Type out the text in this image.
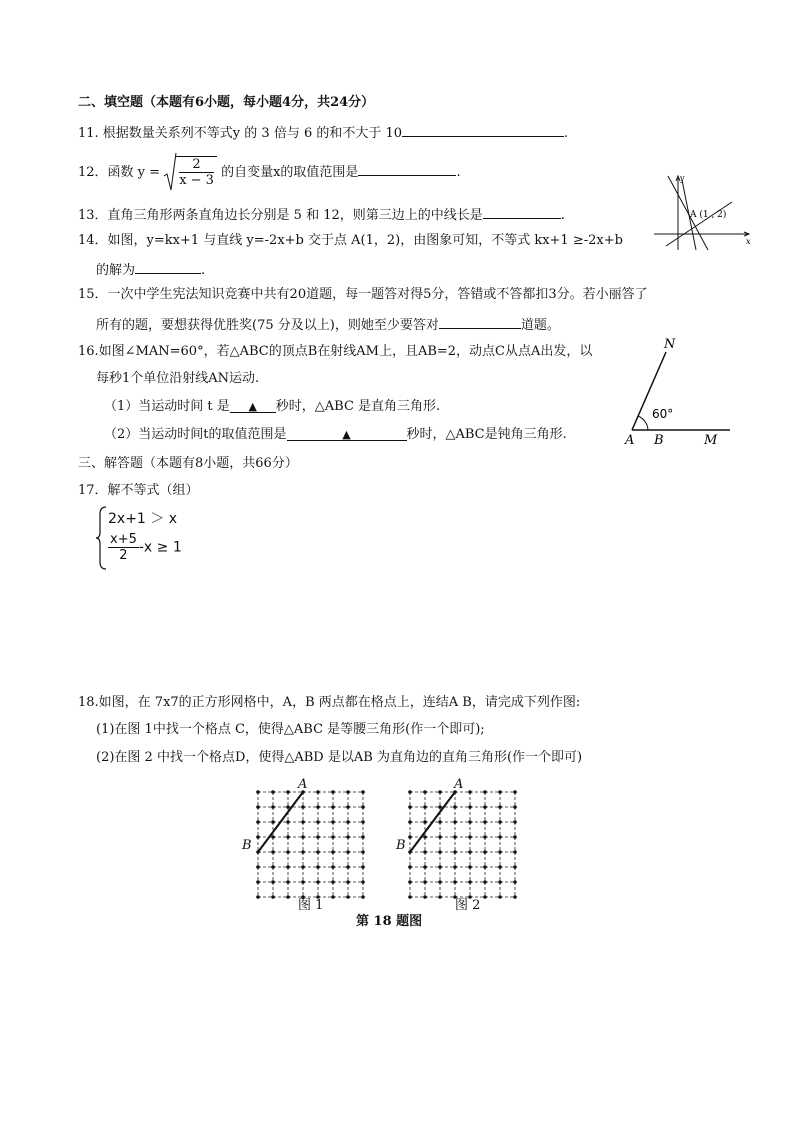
二、填空题（本题有6小题，每小题4分，共24分）
11. 根据数量关系列不等式y 的 3 倍与 6 的和不大于 10	.
12．函数 $y = \frac{2}{x - 3}$ 的自变量x的取值范围是	.
13．直角三角形两条直角边长分别是 5 和 12，则第三边上的中线长是	.
14．如图，y=kx+1 与直线 y=-2x+b 交于点 A(1，2)，由图象可知，不等式 kx+1 ≥-2x+b
的解为	.
y
x
A (1 , 2)
15．一次中学生宪法知识竞赛中共有20道题，每一题答对得5分，答错或不答都扣3分。若小丽答了
所有的题，要想获得优胜奖(75 分及以上)，则她至少要答对	道题。
16.如图∠MAN=60°，若△ABC的顶点B在射线AM上，且AB=2，动点C从点A出发，以
每秒1个单位沿射线AN运动.
（1）当运动时间 t 是 ▲ 秒时，△ABC 是直角三角形.
（2）当运动时间t的取值范围是	▲	秒时，△ABC是钝角三角形.
N
A B	M
60°
三、解答题（本题有8小题，共66分）
17．解不等式（组）
2x+1 ＞ x
$\frac{x+5}{2} -x \ge 1$
18.如图，在 7x7的正方形网格中，A，B 两点都在格点上，连结A B，请完成下列作图:
(1)在图 1中找一个格点 C，使得△ABC 是等腰三角形(作一个即可);
(2)在图 2 中找一个格点D，使得△ABD 是以AB 为直角边的直角三角形(作一个即可)
A
B
A
B
图 1	图 2
第 18 题图
